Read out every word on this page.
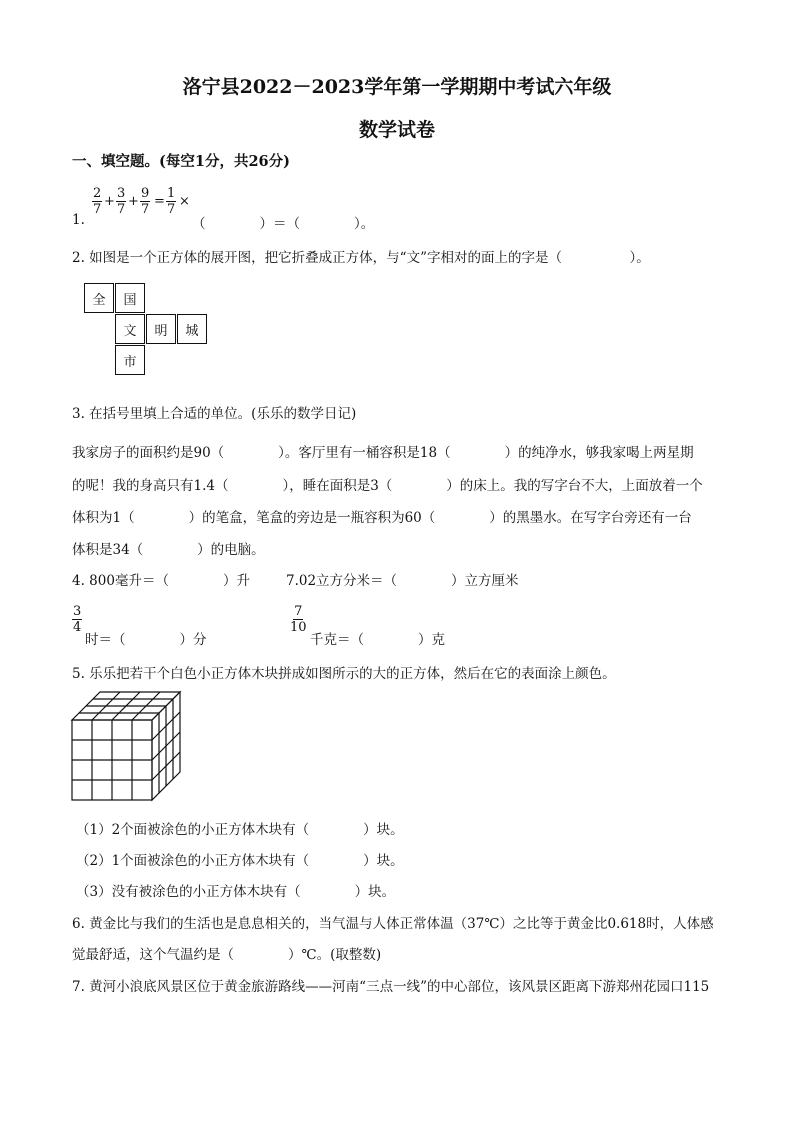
洛宁县2022－2023学年第一学期期中考试六年级
数学试卷
一、填空题。(每空1分，共26分)
1.
$\frac{2}{7} + \frac{3}{7} + \frac{9}{7} = \frac{1}{7}$ ×
（　　　　）＝（　　　　）。
2. 如图是一个正方体的展开图，把它折叠成正方体，与“文”字相对的面上的字是（　　　　　）。
全	国
文	明	城
市
3. 在括号里填上合适的单位。(乐乐的数学日记)
我家房子的面积约是90（　　　　）。客厅里有一桶容积是18（　　　　）的纯净水，够我家喝上两星期
的呢！我的身高只有1.4（　　　　），睡在面积是3（　　　　）的床上。我的写字台不大，上面放着一个
体积为1（　　　　）的笔盒，笔盒的旁边是一瓶容积为60（　　　　）的黑墨水。在写字台旁还有一台
体积是34（　　　　）的电脑。
4. 800毫升＝（　　　　）升	7.02立方分米＝（　　　　）立方厘米
$\frac{3}{4}$
时＝（　　　　）分
$\frac{7}{10}$
千克＝（　　　　）克
5. 乐乐把若干个白色小正方体木块拼成如图所示的大的正方体，然后在它的表面涂上颜色。
（1）2个面被涂色的小正方体木块有（　　　　）块。
（2）1个面被涂色的小正方体木块有（　　　　）块。
（3）没有被涂色的小正方体木块有（　　　　）块。
6. 黄金比与我们的生活也是息息相关的，当气温与人体正常体温（37℃）之比等于黄金比0.618时，人体感
觉最舒适，这个气温约是（　　　　）℃。(取整数)
7. 黄河小浪底风景区位于黄金旅游路线——河南“三点一线”的中心部位，该风景区距离下游郑州花园口115
